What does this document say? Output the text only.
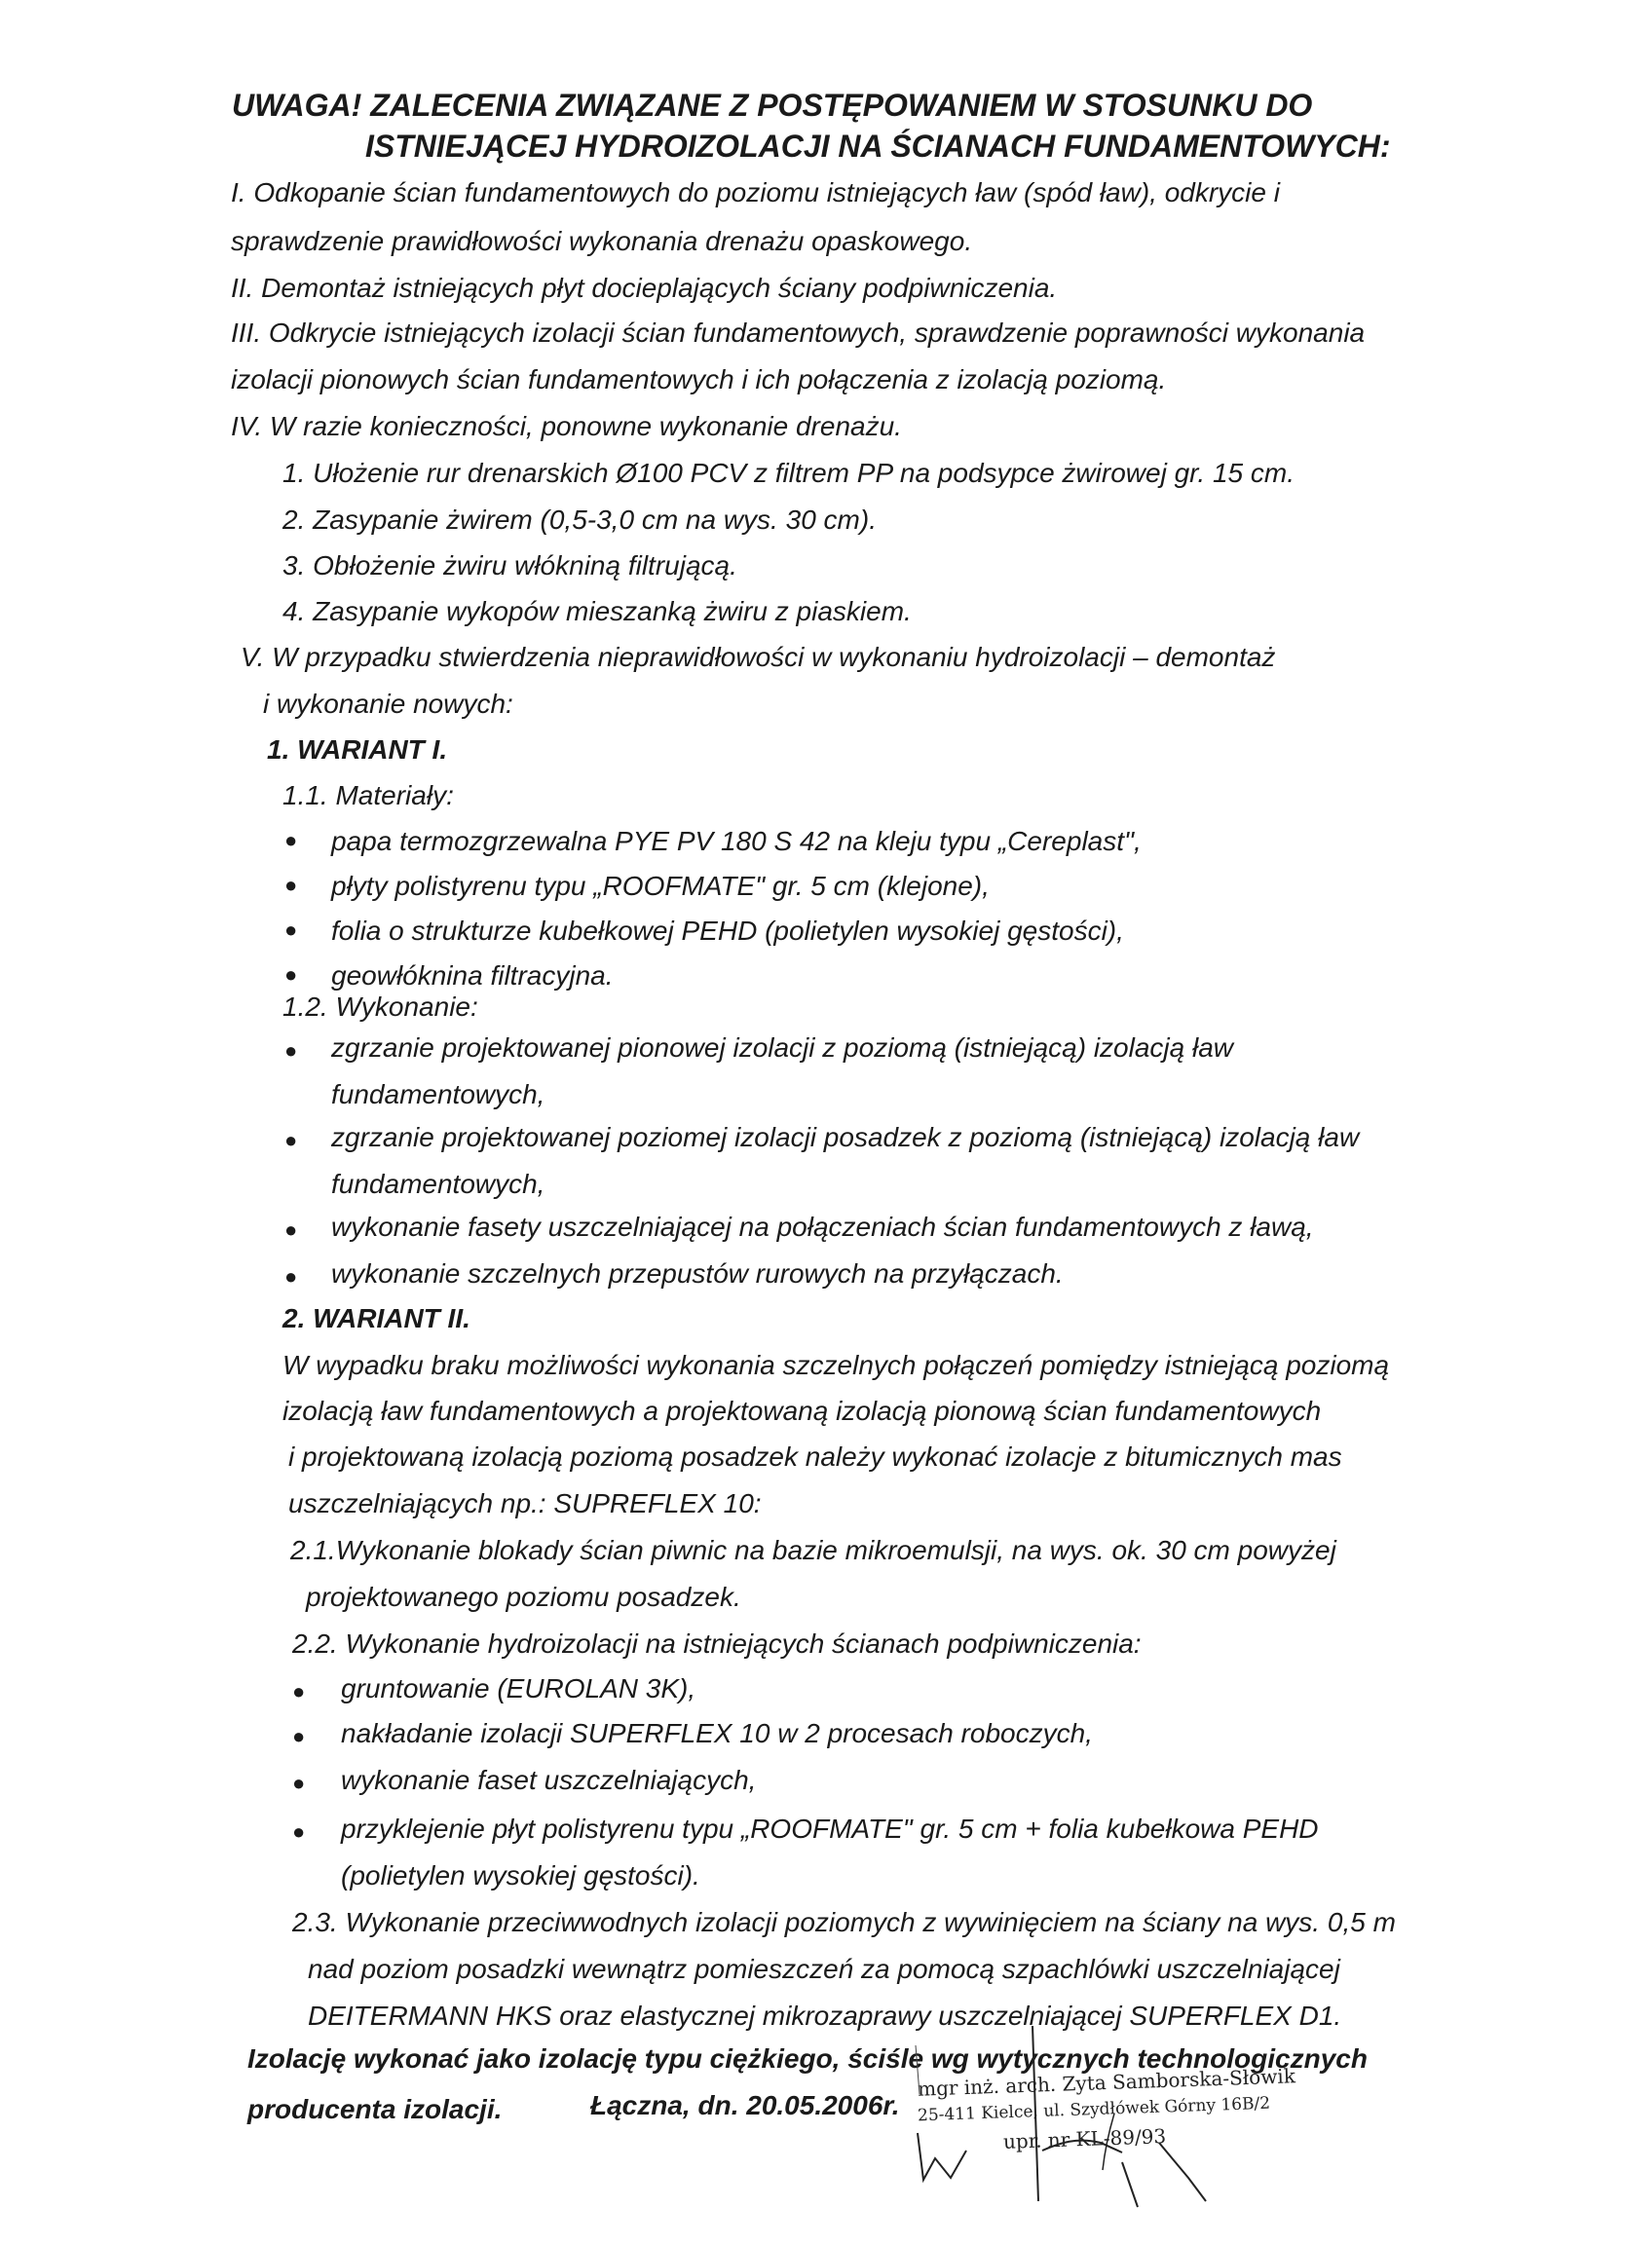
UWAGA! ZALECENIA ZWIĄZANE Z POSTĘPOWANIEM W STOSUNKU DO
ISTNIEJĄCEJ HYDROIZOLACJI NA ŚCIANACH FUNDAMENTOWYCH:
I. Odkopanie ścian fundamentowych do poziomu istniejących ław (spód ław), odkrycie i
sprawdzenie prawidłowości wykonania drenażu opaskowego.
II. Demontaż istniejących płyt docieplających ściany podpiwniczenia.
III. Odkrycie istniejących izolacji ścian fundamentowych, sprawdzenie poprawności wykonania
izolacji pionowych ścian fundamentowych i ich połączenia z izolacją poziomą.
IV. W razie konieczności, ponowne wykonanie drenażu.
1. Ułożenie rur drenarskich Ø100 PCV z filtrem PP na podsypce żwirowej gr. 15 cm.
2. Zasypanie żwirem (0,5-3,0 cm na wys. 30 cm).
3. Obłożenie żwiru włókniną filtrującą.
4. Zasypanie wykopów mieszanką żwiru z piaskiem.
V. W przypadku stwierdzenia nieprawidłowości w wykonaniu hydroizolacji – demontaż
i wykonanie nowych:
1. WARIANT I.
1.1. Materiały:
● papa termozgrzewalna PYE PV 180 S 42 na kleju typu „Cereplast",
● płyty polistyrenu typu „ROOFMATE" gr. 5 cm (klejone),
● folia o strukturze kubełkowej PEHD (polietylen wysokiej gęstości),
● geowłóknina filtracyjna.
1.2. Wykonanie:
● zgrzanie projektowanej pionowej izolacji z poziomą (istniejącą) izolacją ław
fundamentowych,
● zgrzanie projektowanej poziomej izolacji posadzek z poziomą (istniejącą) izolacją ław
fundamentowych,
● wykonanie fasety uszczelniającej na połączeniach ścian fundamentowych z ławą,
● wykonanie szczelnych przepustów rurowych na przyłączach.
2. WARIANT II.
W wypadku braku możliwości wykonania szczelnych połączeń pomiędzy istniejącą poziomą
izolacją ław fundamentowych a projektowaną izolacją pionową ścian fundamentowych
i projektowaną izolacją poziomą posadzek należy wykonać izolacje z bitumicznych mas
uszczelniających np.: SUPREFLEX 10:
2.1.Wykonanie blokady ścian piwnic na bazie mikroemulsji, na wys. ok. 30 cm powyżej
projektowanego poziomu posadzek.
2.2. Wykonanie hydroizolacji na istniejących ścianach podpiwniczenia:
● gruntowanie (EUROLAN 3K),
● nakładanie izolacji SUPERFLEX 10 w 2 procesach roboczych,
● wykonanie faset uszczelniających,
● przyklejenie płyt polistyrenu typu „ROOFMATE" gr. 5 cm + folia kubełkowa PEHD
(polietylen wysokiej gęstości).
2.3. Wykonanie przeciwwodnych izolacji poziomych z wywinięciem na ściany na wys. 0,5 m
nad poziom posadzki wewnątrz pomieszczeń za pomocą szpachlówki uszczelniającej
DEITERMANN HKS oraz elastycznej mikrozaprawy uszczelniającej SUPERFLEX D1.
Izolację wykonać jako izolację typu ciężkiego, ściśle wg wytycznych technologicznych
producenta izolacji.	Łączna, dn. 20.05.2006r.
mgr inż. arch. Zyta Samborska-Słowik
25-411 Kielce, ul. Szydłówek Górny 16B/2
upr. nr KL-89/93
